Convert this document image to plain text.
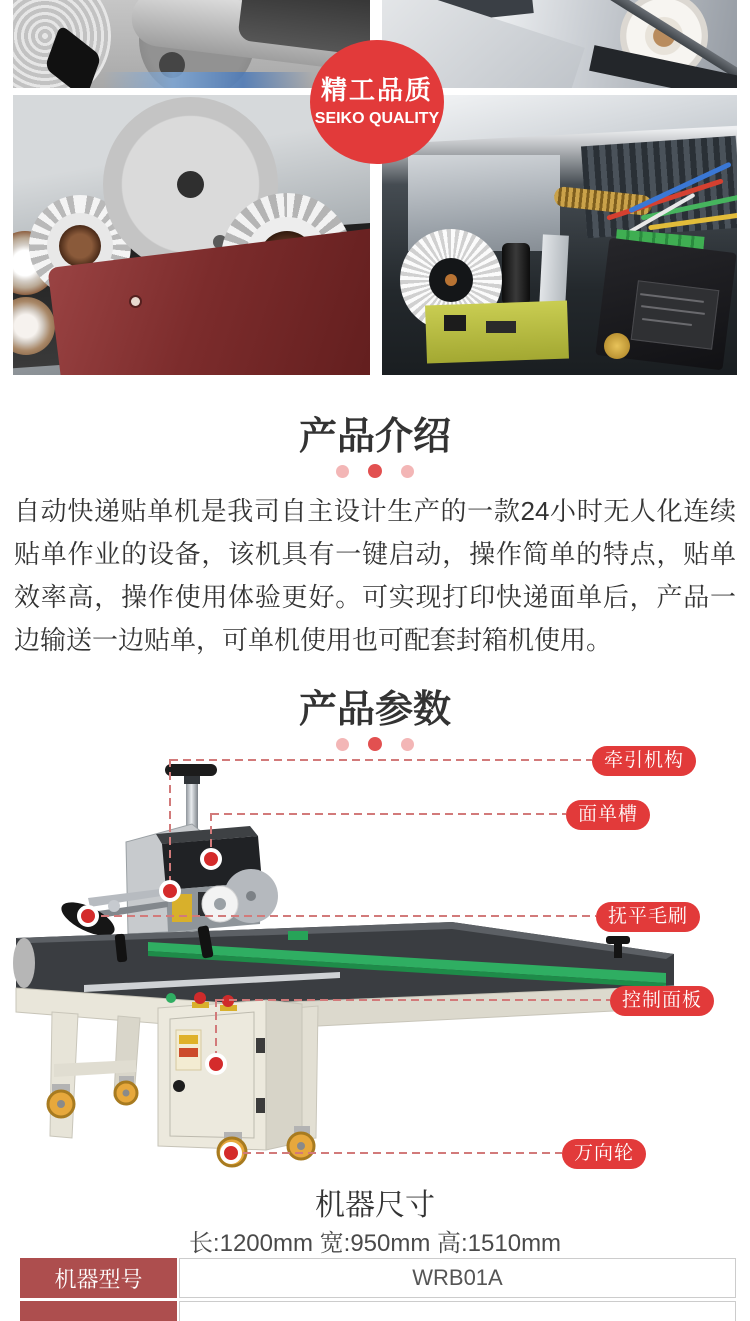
精工品质
SEIKO QUALITY
产品介绍

自动快递贴单机是我司自主设计生产的一款24小时无人化连续贴单作业的设备，该机具有一键启动，操作简单的特点，贴单效率高，操作使用体验更好。可实现打印快递面单后，产品一边输送一边贴单，可单机使用也可配套封箱机使用。

产品参数
牵引机构
面单槽
抚平毛刷
控制面板
万向轮
机器尺寸
长:1200mm 宽:950mm 高:1510mm
机器型号	WRB01A
